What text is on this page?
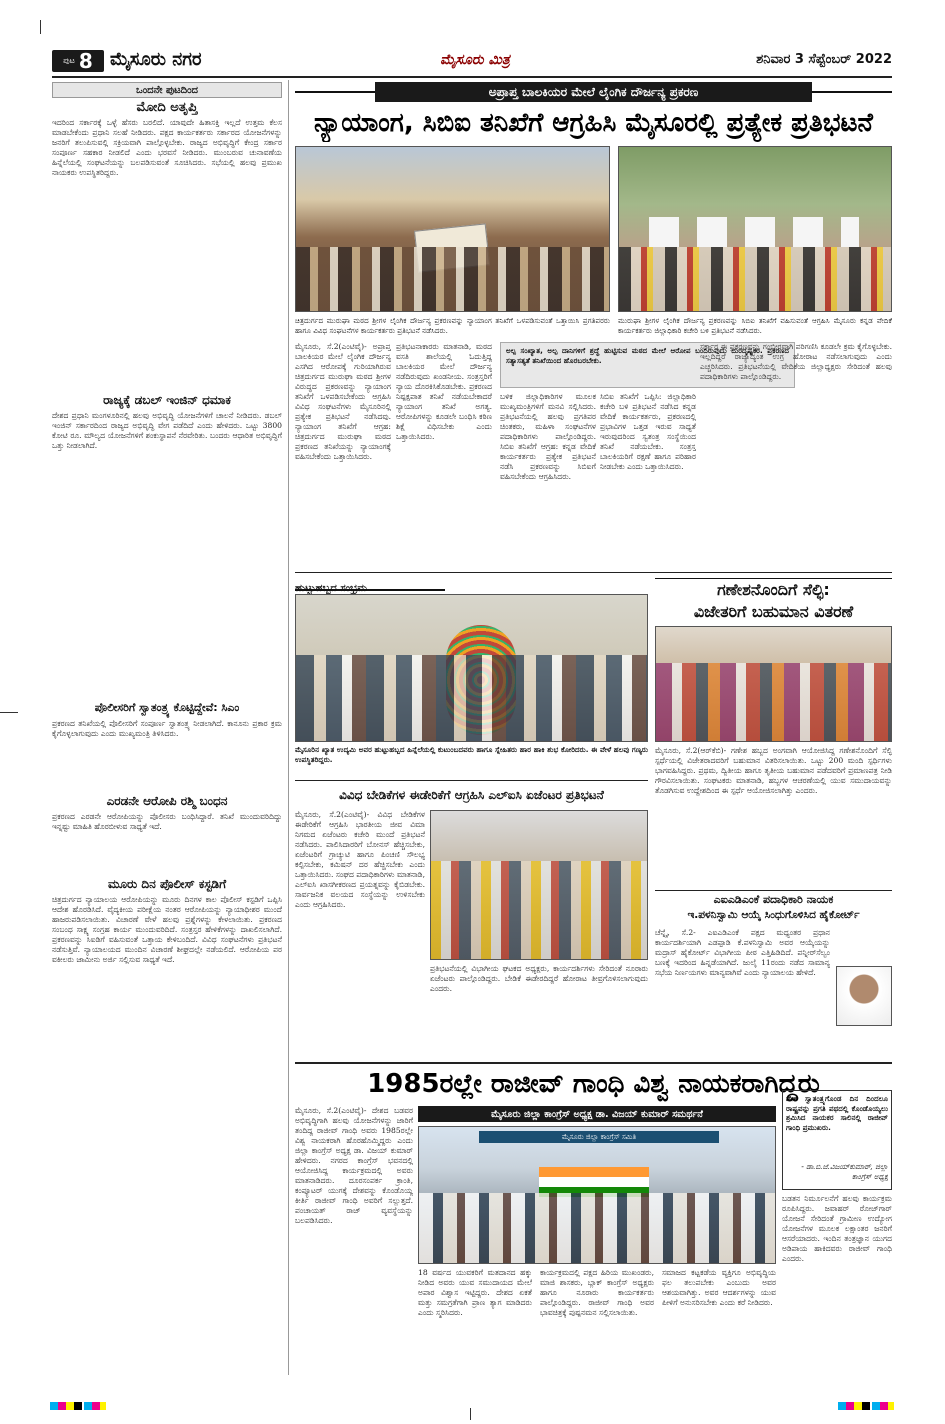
ಪುಟ 8 ಮೈಸೂರು ನಗರ	ಮೈಸೂರು ಮಿತ್ರ	ಶನಿವಾರ 3 ಸೆಪ್ಟೆಂಬರ್ 2022
ಒಂದನೇ ಪುಟದಿಂದ
ಮೋದಿ ಅತೃಪ್ತಿ
ಇದರಿಂದ ಸರ್ಕಾರಕ್ಕೆ ಒಳ್ಳೆ ಹೆಸರು ಬರಲಿದೆ. ಯಾವುದೇ ಹಿತಾಸಕ್ತಿ ಇಲ್ಲದೆ ಉತ್ತಮ ಕೆಲಸ ಮಾಡಬೇಕೆಂದು ಪ್ರಧಾನಿ ಸಲಹೆ ನೀಡಿದರು. ಪಕ್ಷದ ಕಾರ್ಯಕರ್ತರು ಸರ್ಕಾರದ ಯೋಜನೆಗಳನ್ನು ಜನರಿಗೆ ತಲುಪಿಸುವಲ್ಲಿ ಸಕ್ರಿಯವಾಗಿ ಪಾಲ್ಗೊಳ್ಳಬೇಕು. ರಾಜ್ಯದ ಅಭಿವೃದ್ಧಿಗೆ ಕೇಂದ್ರ ಸರ್ಕಾರ ಸಂಪೂರ್ಣ ಸಹಕಾರ ನೀಡಲಿದೆ ಎಂದು ಭರವಸೆ ನೀಡಿದರು. ಮುಂಬರುವ ಚುನಾವಣೆಯ ಹಿನ್ನೆಲೆಯಲ್ಲಿ ಸಂಘಟನೆಯನ್ನು ಬಲಪಡಿಸುವಂತೆ ಸೂಚಿಸಿದರು. ಸಭೆಯಲ್ಲಿ ಹಲವು ಪ್ರಮುಖ ನಾಯಕರು ಉಪಸ್ಥಿತರಿದ್ದರು.
ರಾಜ್ಯಕ್ಕೆ ಡಬಲ್ ಇಂಜಿನ್ ಧಮಾಕ
ದೇಶದ ಪ್ರಧಾನಿ ಮಂಗಳೂರಿನಲ್ಲಿ ಹಲವು ಅಭಿವೃದ್ಧಿ ಯೋಜನೆಗಳಿಗೆ ಚಾಲನೆ ನೀಡಿದರು. ಡಬಲ್ ಇಂಜಿನ್ ಸರ್ಕಾರದಿಂದ ರಾಜ್ಯದ ಅಭಿವೃದ್ಧಿ ವೇಗ ಪಡೆದಿದೆ ಎಂದು ಹೇಳಿದರು. ಒಟ್ಟು 3800 ಕೋಟಿ ರೂ. ಮೌಲ್ಯದ ಯೋಜನೆಗಳಿಗೆ ಶಂಕುಸ್ಥಾಪನೆ ನೆರವೇರಿತು. ಬಂದರು ಆಧಾರಿತ ಅಭಿವೃದ್ಧಿಗೆ ಒತ್ತು ನೀಡಲಾಗಿದೆ.
ಪೊಲೀಸರಿಗೆ ಸ್ವಾತಂತ್ರ್ಯ ಕೊಟ್ಟಿದ್ದೇವೆ: ಸಿಎಂ
ಪ್ರಕರಣದ ತನಿಖೆಯಲ್ಲಿ ಪೊಲೀಸರಿಗೆ ಸಂಪೂರ್ಣ ಸ್ವಾತಂತ್ರ್ಯ ನೀಡಲಾಗಿದೆ. ಕಾನೂನು ಪ್ರಕಾರ ಕ್ರಮ ಕೈಗೊಳ್ಳಲಾಗುವುದು ಎಂದು ಮುಖ್ಯಮಂತ್ರಿ ತಿಳಿಸಿದರು.
ಎರಡನೇ ಆರೋಪಿ ರಶ್ಮಿ ಬಂಧನ
ಪ್ರಕರಣದ ಎರಡನೇ ಆರೋಪಿಯನ್ನು ಪೊಲೀಸರು ಬಂಧಿಸಿದ್ದಾರೆ. ತನಿಖೆ ಮುಂದುವರಿದಿದ್ದು ಇನ್ನಷ್ಟು ಮಾಹಿತಿ ಹೊರಬೀಳುವ ಸಾಧ್ಯತೆ ಇದೆ.
ಮೂರು ದಿನ ಪೊಲೀಸ್ ಕಸ್ಟಡಿಗೆ
ಚಿತ್ರದುರ್ಗದ ನ್ಯಾಯಾಲಯ ಆರೋಪಿಯನ್ನು ಮೂರು ದಿನಗಳ ಕಾಲ ಪೊಲೀಸ್ ಕಸ್ಟಡಿಗೆ ಒಪ್ಪಿಸಿ ಆದೇಶ ಹೊರಡಿಸಿದೆ. ವೈದ್ಯಕೀಯ ಪರೀಕ್ಷೆಯ ನಂತರ ಆರೋಪಿಯನ್ನು ನ್ಯಾಯಾಧೀಶರ ಮುಂದೆ ಹಾಜರುಪಡಿಸಲಾಯಿತು. ವಿಚಾರಣೆ ವೇಳೆ ಹಲವು ಪ್ರಶ್ನೆಗಳನ್ನು ಕೇಳಲಾಯಿತು. ಪ್ರಕರಣದ ಸಂಬಂಧ ಸಾಕ್ಷ್ಯ ಸಂಗ್ರಹ ಕಾರ್ಯ ಮುಂದುವರಿದಿದೆ. ಸಂತ್ರಸ್ತರ ಹೇಳಿಕೆಗಳನ್ನು ದಾಖಲಿಸಲಾಗಿದೆ. ಪ್ರಕರಣವನ್ನು ಸಿಐಡಿಗೆ ವಹಿಸುವಂತೆ ಒತ್ತಾಯ ಕೇಳಿಬಂದಿದೆ. ವಿವಿಧ ಸಂಘಟನೆಗಳು ಪ್ರತಿಭಟನೆ ನಡೆಸುತ್ತಿವೆ. ನ್ಯಾಯಾಲಯದ ಮುಂದಿನ ವಿಚಾರಣೆ ಶೀಘ್ರದಲ್ಲೇ ನಡೆಯಲಿದೆ. ಆರೋಪಿಯ ಪರ ವಕೀಲರು ಜಾಮೀನು ಅರ್ಜಿ ಸಲ್ಲಿಸುವ ಸಾಧ್ಯತೆ ಇದೆ.
ಅಪ್ರಾಪ್ತ ಬಾಲಕಿಯರ ಮೇಲೆ ಲೈಂಗಿಕ ದೌರ್ಜನ್ಯ ಪ್ರಕರಣ
ನ್ಯಾಯಾಂಗ, ಸಿಬಿಐ ತನಿಖೆಗೆ ಆಗ್ರಹಿಸಿ ಮೈಸೂರಲ್ಲಿ ಪ್ರತ್ಯೇಕ ಪ್ರತಿಭಟನೆ
ಚಿತ್ರದುರ್ಗದ ಮುರುಘಾ ಮಠದ ಶ್ರೀಗಳ ಲೈಂಗಿಕ ದೌರ್ಜನ್ಯ ಪ್ರಕರಣವನ್ನು ನ್ಯಾಯಾಂಗ ತನಿಖೆಗೆ ಒಳಪಡಿಸುವಂತೆ ಒತ್ತಾಯಿಸಿ ಪ್ರಗತಿಪರರು ಹಾಗೂ ವಿವಿಧ ಸಂಘಟನೆಗಳ ಕಾರ್ಯಕರ್ತರು ಪ್ರತಿಭಟನೆ ನಡೆಸಿದರು.
ಮುರುಘಾ ಶ್ರೀಗಳ ಲೈಂಗಿಕ ದೌರ್ಜನ್ಯ ಪ್ರಕರಣವನ್ನು ಸಿಬಿಐ ತನಿಖೆಗೆ ವಹಿಸುವಂತೆ ಆಗ್ರಹಿಸಿ ಮೈಸೂರು ಕನ್ನಡ ವೇದಿಕೆ ಕಾರ್ಯಕರ್ತರು ಜಿಲ್ಲಾಧಿಕಾರಿ ಕಚೇರಿ ಬಳಿ ಪ್ರತಿಭಟನೆ ನಡೆಸಿದರು.
ಮೈಸೂರು, ಸೆ.2(ಎಂಟಿವೈ)- ಅಪ್ರಾಪ್ತ ಬಾಲಕಿಯರ ಮೇಲೆ ಲೈಂಗಿಕ ದೌರ್ಜನ್ಯ ಎಸಗಿದ ಆರೋಪಕ್ಕೆ ಗುರಿಯಾಗಿರುವ ಚಿತ್ರದುರ್ಗದ ಮುರುಘಾ ಮಠದ ಶ್ರೀಗಳ ವಿರುದ್ಧದ ಪ್ರಕರಣವನ್ನು ನ್ಯಾಯಾಂಗ ತನಿಖೆಗೆ ಒಳಪಡಿಸಬೇಕೆಂದು ಆಗ್ರಹಿಸಿ ವಿವಿಧ ಸಂಘಟನೆಗಳು ಮೈಸೂರಿನಲ್ಲಿ ಪ್ರತ್ಯೇಕ ಪ್ರತಿಭಟನೆ ನಡೆಸಿದವು. ನ್ಯಾಯಾಂಗ ತನಿಖೆಗೆ ಆಗ್ರಹ: ಚಿತ್ರದುರ್ಗದ ಮುರುಘಾ ಮಠದ ಪ್ರಕರಣದ ತನಿಖೆಯನ್ನು ನ್ಯಾಯಾಂಗಕ್ಕೆ ವಹಿಸಬೇಕೆಂದು ಒತ್ತಾಯಿಸಿದರು.
ಪ್ರತಿಭಟನಾಕಾರರು ಮಾತನಾಡಿ, ಮಠದ ವಸತಿ ಶಾಲೆಯಲ್ಲಿ ಓದುತ್ತಿದ್ದ ಬಾಲಕಿಯರ ಮೇಲೆ ದೌರ್ಜನ್ಯ ನಡೆದಿರುವುದು ಖಂಡನೀಯ. ಸಂತ್ರಸ್ತರಿಗೆ ನ್ಯಾಯ ದೊರಕಿಸಿಕೊಡಬೇಕು. ಪ್ರಕರಣದ ನಿಷ್ಪಕ್ಷಪಾತ ತನಿಖೆ ನಡೆಯಬೇಕಾದರೆ ನ್ಯಾಯಾಂಗ ತನಿಖೆ ಅಗತ್ಯ. ಆರೋಪಿಗಳನ್ನು ಕೂಡಲೇ ಬಂಧಿಸಿ ಕಠಿಣ ಶಿಕ್ಷೆ ವಿಧಿಸಬೇಕು ಎಂದು ಒತ್ತಾಯಿಸಿದರು.
ಅಲ್ಪ ಸಂಖ್ಯಾತ, ಅಲ್ಪ ದಾನಿಗಳಿಗೆ ಶ್ರದ್ಧೆ ಹುಟ್ಟಿಸುವ ಮಠದ ಮೇಲೆ ಆರೋಪ ಬಂದಿರುವುದು ದುರದೃಷ್ಟಕರ. ಪ್ರಕರಣದ ಸತ್ಯಾಸತ್ಯತೆ ತನಿಖೆಯಿಂದ ಹೊರಬರಬೇಕು.
ಬಳಿಕ ಜಿಲ್ಲಾಧಿಕಾರಿಗಳ ಮೂಲಕ ಮುಖ್ಯಮಂತ್ರಿಗಳಿಗೆ ಮನವಿ ಸಲ್ಲಿಸಿದರು. ಪ್ರತಿಭಟನೆಯಲ್ಲಿ ಹಲವು ಪ್ರಗತಿಪರ ಚಿಂತಕರು, ಮಹಿಳಾ ಸಂಘಟನೆಗಳ ಪದಾಧಿಕಾರಿಗಳು ಪಾಲ್ಗೊಂಡಿದ್ದರು. ಸಿಬಿಐ ತನಿಖೆಗೆ ಆಗ್ರಹ: ಕನ್ನಡ ವೇದಿಕೆ ಕಾರ್ಯಕರ್ತರು ಪ್ರತ್ಯೇಕ ಪ್ರತಿಭಟನೆ ನಡೆಸಿ ಪ್ರಕರಣವನ್ನು ಸಿಬಿಐಗೆ ವಹಿಸಬೇಕೆಂದು ಆಗ್ರಹಿಸಿದರು.
ಸಿಬಿಐ ತನಿಖೆಗೆ ಒಪ್ಪಿಸಿ: ಜಿಲ್ಲಾಧಿಕಾರಿ ಕಚೇರಿ ಬಳಿ ಪ್ರತಿಭಟನೆ ನಡೆಸಿದ ಕನ್ನಡ ವೇದಿಕೆ ಕಾರ್ಯಕರ್ತರು, ಪ್ರಕರಣದಲ್ಲಿ ಪ್ರಭಾವಿಗಳ ಒತ್ತಡ ಇರುವ ಸಾಧ್ಯತೆ ಇರುವುದರಿಂದ ಸ್ವತಂತ್ರ ಸಂಸ್ಥೆಯಿಂದ ತನಿಖೆ ನಡೆಯಬೇಕು. ಸಂತ್ರಸ್ತ ಬಾಲಕಿಯರಿಗೆ ರಕ್ಷಣೆ ಹಾಗೂ ಪರಿಹಾರ ನೀಡಬೇಕು ಎಂದು ಒತ್ತಾಯಿಸಿದರು.
ಸರ್ಕಾರ ಈ ಪ್ರಕರಣವನ್ನು ಗಂಭೀರವಾಗಿ ಪರಿಗಣಿಸಿ ಕೂಡಲೇ ಕ್ರಮ ಕೈಗೊಳ್ಳಬೇಕು. ಇಲ್ಲದಿದ್ದರೆ ರಾಜ್ಯಾದ್ಯಂತ ಉಗ್ರ ಹೋರಾಟ ನಡೆಸಲಾಗುವುದು ಎಂದು ಎಚ್ಚರಿಸಿದರು. ಪ್ರತಿಭಟನೆಯಲ್ಲಿ ವೇದಿಕೆಯ ಜಿಲ್ಲಾಧ್ಯಕ್ಷರು ಸೇರಿದಂತೆ ಹಲವು ಪದಾಧಿಕಾರಿಗಳು ಪಾಲ್ಗೊಂಡಿದ್ದರು.
ಹುಟ್ಟುಹಬ್ಬದ ಸಂಭ್ರಮ
ಮೈಸೂರಿನ ಖ್ಯಾತ ಉದ್ಯಮಿ ಅವರ ಹುಟ್ಟುಹಬ್ಬದ ಹಿನ್ನೆಲೆಯಲ್ಲಿ ಕುಟುಂಬದವರು ಹಾಗೂ ಸ್ನೇಹಿತರು ಹಾರ ಹಾಕಿ ಶುಭ ಕೋರಿದರು. ಈ ವೇಳೆ ಹಲವು ಗಣ್ಯರು ಉಪಸ್ಥಿತರಿದ್ದರು.
ಗಣೇಶನೊಂದಿಗೆ ಸೆಲ್ಫಿ:
ವಿಜೇತರಿಗೆ ಬಹುಮಾನ ವಿತರಣೆ
ಮೈಸೂರು, ಸೆ.2(ಆರ್‌ಕೆಬಿ)- ಗಣೇಶ ಹಬ್ಬದ ಅಂಗವಾಗಿ ಆಯೋಜಿಸಿದ್ದ ಗಣೇಶನೊಂದಿಗೆ ಸೆಲ್ಫಿ ಸ್ಪರ್ಧೆಯಲ್ಲಿ ವಿಜೇತರಾದವರಿಗೆ ಬಹುಮಾನ ವಿತರಿಸಲಾಯಿತು. ಒಟ್ಟು 200 ಮಂದಿ ಸ್ಪರ್ಧಿಗಳು ಭಾಗವಹಿಸಿದ್ದರು. ಪ್ರಥಮ, ದ್ವಿತೀಯ ಹಾಗೂ ತೃತೀಯ ಬಹುಮಾನ ಪಡೆದವರಿಗೆ ಪ್ರಮಾಣಪತ್ರ ನೀಡಿ ಗೌರವಿಸಲಾಯಿತು. ಸಂಘಟಕರು ಮಾತನಾಡಿ, ಹಬ್ಬಗಳ ಆಚರಣೆಯಲ್ಲಿ ಯುವ ಸಮುದಾಯವನ್ನು ತೊಡಗಿಸುವ ಉದ್ದೇಶದಿಂದ ಈ ಸ್ಪರ್ಧೆ ಆಯೋಜಿಸಲಾಗಿತ್ತು ಎಂದರು.
ವಿವಿಧ ಬೇಡಿಕೆಗಳ ಈಡೇರಿಕೆಗೆ ಆಗ್ರಹಿಸಿ ಎಲ್‌ಐಸಿ ಏಜೆಂಟರ ಪ್ರತಿಭಟನೆ
ಮೈಸೂರು, ಸೆ.2(ಎಂಟಿವೈ)- ವಿವಿಧ ಬೇಡಿಕೆಗಳ ಈಡೇರಿಕೆಗೆ ಆಗ್ರಹಿಸಿ ಭಾರತೀಯ ಜೀವ ವಿಮಾ ನಿಗಮದ ಏಜೆಂಟರು ಕಚೇರಿ ಮುಂದೆ ಪ್ರತಿಭಟನೆ ನಡೆಸಿದರು. ಪಾಲಿಸಿದಾರರಿಗೆ ಬೋನಸ್ ಹೆಚ್ಚಿಸಬೇಕು, ಏಜೆಂಟರಿಗೆ ಗ್ರಾಚ್ಯುಟಿ ಹಾಗೂ ಪಿಂಚಣಿ ಸೌಲಭ್ಯ ಕಲ್ಪಿಸಬೇಕು, ಕಮಿಷನ್ ದರ ಹೆಚ್ಚಿಸಬೇಕು ಎಂದು ಒತ್ತಾಯಿಸಿದರು. ಸಂಘದ ಪದಾಧಿಕಾರಿಗಳು ಮಾತನಾಡಿ, ಎಲ್‌ಐಸಿ ಖಾಸಗೀಕರಣದ ಪ್ರಯತ್ನವನ್ನು ಕೈಬಿಡಬೇಕು. ಸಾರ್ವಜನಿಕ ವಲಯದ ಸಂಸ್ಥೆಯನ್ನು ಉಳಿಸಬೇಕು ಎಂದು ಆಗ್ರಹಿಸಿದರು.
ಪ್ರತಿಭಟನೆಯಲ್ಲಿ ವಿಭಾಗೀಯ ಘಟಕದ ಅಧ್ಯಕ್ಷರು, ಕಾರ್ಯದರ್ಶಿಗಳು ಸೇರಿದಂತೆ ನೂರಾರು ಏಜೆಂಟರು ಪಾಲ್ಗೊಂಡಿದ್ದರು. ಬೇಡಿಕೆ ಈಡೇರದಿದ್ದರೆ ಹೋರಾಟ ತೀವ್ರಗೊಳಿಸಲಾಗುವುದು ಎಂದರು.
ಎಐಎಡಿಎಂಕೆ ಪದಾಧಿಕಾರಿ ನಾಯಕ
ಇ.ಪಳನಿಸ್ವಾಮಿ ಆಯ್ಕೆ ಸಿಂಧುಗೊಳಿಸಿದ ಹೈಕೋರ್ಟ್
ಚೆನ್ನೈ, ಸೆ.2- ಎಐಎಡಿಎಂಕೆ ಪಕ್ಷದ ಮಧ್ಯಂತರ ಪ್ರಧಾನ ಕಾರ್ಯದರ್ಶಿಯಾಗಿ ಎಡಪ್ಪಾಡಿ ಕೆ.ಪಳನಿಸ್ವಾಮಿ ಅವರ ಆಯ್ಕೆಯನ್ನು ಮದ್ರಾಸ್ ಹೈಕೋರ್ಟ್ ವಿಭಾಗೀಯ ಪೀಠ ಎತ್ತಿಹಿಡಿದಿದೆ. ಪನ್ನೀರ್‌ಸೆಲ್ವಂ ಬಣಕ್ಕೆ ಇದರಿಂದ ಹಿನ್ನಡೆಯಾಗಿದೆ. ಜುಲೈ 11ರಂದು ನಡೆದ ಸಾಮಾನ್ಯ ಸಭೆಯ ನಿರ್ಣಯಗಳು ಮಾನ್ಯವಾಗಿವೆ ಎಂದು ನ್ಯಾಯಾಲಯ ಹೇಳಿದೆ.
1985ರಲ್ಲೇ ರಾಜೀವ್ ಗಾಂಧಿ ವಿಶ್ವ ನಾಯಕರಾಗಿದ್ದರು
ಮೈಸೂರು, ಸೆ.2(ಎಂಟಿವೈ)- ದೇಶದ ಬಡವರ ಅಭಿವೃದ್ಧಿಗಾಗಿ ಹಲವು ಯೋಜನೆಗಳನ್ನು ಜಾರಿಗೆ ತಂದಿದ್ದ ರಾಜೀವ್ ಗಾಂಧಿ ಅವರು 1985ರಲ್ಲೇ ವಿಶ್ವ ನಾಯಕರಾಗಿ ಹೊರಹೊಮ್ಮಿದ್ದರು ಎಂದು ಜಿಲ್ಲಾ ಕಾಂಗ್ರೆಸ್ ಅಧ್ಯಕ್ಷ ಡಾ. ವಿಜಯ್ ಕುಮಾರ್ ಹೇಳಿದರು. ನಗರದ ಕಾಂಗ್ರೆಸ್ ಭವನದಲ್ಲಿ ಆಯೋಜಿಸಿದ್ದ ಕಾರ್ಯಕ್ರಮದಲ್ಲಿ ಅವರು ಮಾತನಾಡಿದರು. ದೂರಸಂಪರ್ಕ ಕ್ರಾಂತಿ, ಕಂಪ್ಯೂಟರ್ ಯುಗಕ್ಕೆ ದೇಶವನ್ನು ಕೊಂಡೊಯ್ದ ಕೀರ್ತಿ ರಾಜೀವ್ ಗಾಂಧಿ ಅವರಿಗೆ ಸಲ್ಲುತ್ತದೆ. ಪಂಚಾಯತ್ ರಾಜ್ ವ್ಯವಸ್ಥೆಯನ್ನು ಬಲಪಡಿಸಿದರು.
ಮೈಸೂರು ಜಿಲ್ಲಾ ಕಾಂಗ್ರೆಸ್ ಅಧ್ಯಕ್ಷ ಡಾ. ವಿಜಯ್ ಕುಮಾರ್ ಸಮರ್ಥನೆ
ಮೈಸೂರು ಜಿಲ್ಲಾ ಕಾಂಗ್ರೆಸ್ ಸಮಿತಿ
18 ವರ್ಷದ ಯುವಕರಿಗೆ ಮತದಾನದ ಹಕ್ಕು ನೀಡಿದ ಅವರು ಯುವ ಸಮುದಾಯದ ಮೇಲೆ ಅಪಾರ ವಿಶ್ವಾಸ ಇಟ್ಟಿದ್ದರು. ದೇಶದ ಏಕತೆ ಮತ್ತು ಸಮಗ್ರತೆಗಾಗಿ ಪ್ರಾಣ ತ್ಯಾಗ ಮಾಡಿದರು ಎಂದು ಸ್ಮರಿಸಿದರು.
ಕಾರ್ಯಕ್ರಮದಲ್ಲಿ ಪಕ್ಷದ ಹಿರಿಯ ಮುಖಂಡರು, ಮಾಜಿ ಶಾಸಕರು, ಬ್ಲಾಕ್ ಕಾಂಗ್ರೆಸ್ ಅಧ್ಯಕ್ಷರು ಹಾಗೂ ನೂರಾರು ಕಾರ್ಯಕರ್ತರು ಪಾಲ್ಗೊಂಡಿದ್ದರು. ರಾಜೀವ್ ಗಾಂಧಿ ಅವರ ಭಾವಚಿತ್ರಕ್ಕೆ ಪುಷ್ಪನಮನ ಸಲ್ಲಿಸಲಾಯಿತು.
ಸಮಾಜದ ಕಟ್ಟಕಡೆಯ ವ್ಯಕ್ತಿಗೂ ಅಭಿವೃದ್ಧಿಯ ಫಲ ತಲುಪಬೇಕು ಎಂಬುದು ಅವರ ಆಶಯವಾಗಿತ್ತು. ಅವರ ಆದರ್ಶಗಳನ್ನು ಯುವ ಪೀಳಿಗೆ ಅನುಸರಿಸಬೇಕು ಎಂದು ಕರೆ ನೀಡಿದರು.
ದೇಶ ಸ್ವಾತಂತ್ರ್ಯಗೊಂಡ ದಿನ ದಿಂದಲೂ ರಾಷ್ಟ್ರವನ್ನು ಪ್ರಗತಿ ಪಥದಲ್ಲಿ ಕೊಂಡೊಯ್ಯಲು ಶ್ರಮಿಸಿದ ನಾಯಕರ ಸಾಲಿನಲ್ಲಿ ರಾಜೀವ್ ಗಾಂಧಿ ಪ್ರಮುಖರು.
- ಡಾ.ಬಿ.ಜೆ.ವಿಜಯ್‌ಕುಮಾರ್, ಜಿಲ್ಲಾ ಕಾಂಗ್ರೆಸ್ ಅಧ್ಯಕ್ಷ
ಬಡತನ ನಿರ್ಮೂಲನೆಗೆ ಹಲವು ಕಾರ್ಯಕ್ರಮ ರೂಪಿಸಿದ್ದರು. ಜವಾಹರ್ ರೋಜ್‌ಗಾರ್ ಯೋಜನೆ ಸೇರಿದಂತೆ ಗ್ರಾಮೀಣ ಉದ್ಯೋಗ ಯೋಜನೆಗಳ ಮೂಲಕ ಲಕ್ಷಾಂತರ ಜನರಿಗೆ ಆಸರೆಯಾದರು. ಇಂದಿನ ತಂತ್ರಜ್ಞಾನ ಯುಗದ ಅಡಿಪಾಯ ಹಾಕಿದವರು ರಾಜೀವ್ ಗಾಂಧಿ ಎಂದರು.
